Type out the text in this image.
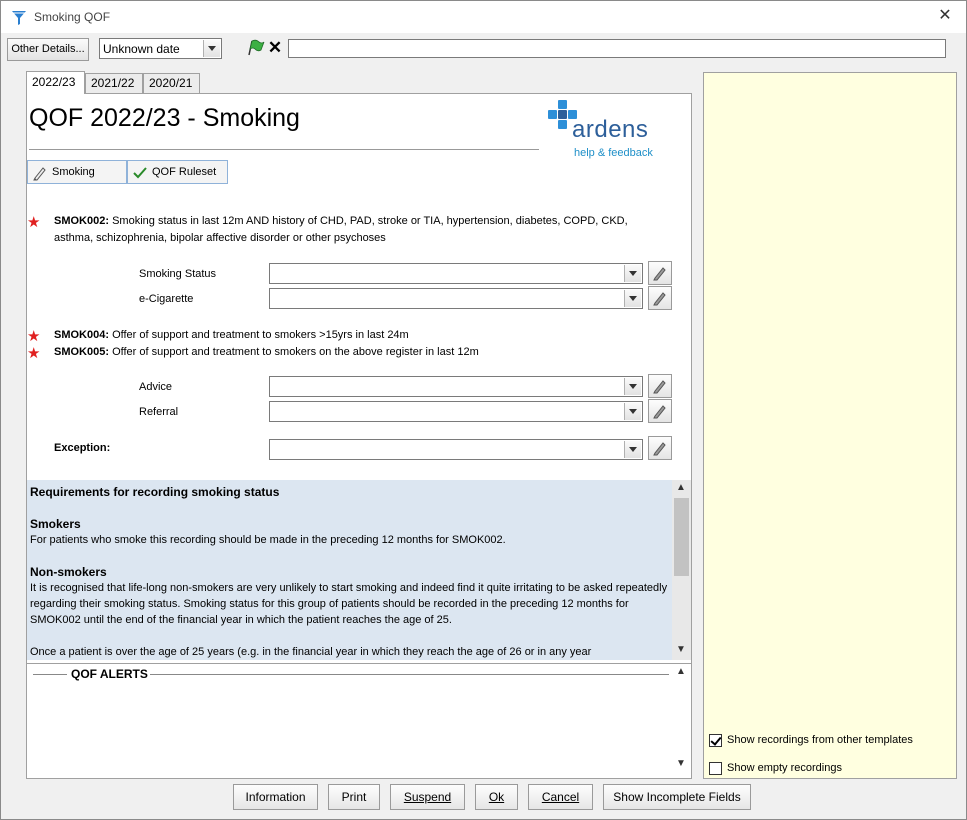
Smoking QOF	✕
Other Details...	Unknown date	✕
2022/23	2021/22	2020/21
QOF 2022/23 - Smoking	ardens
help & feedback
Smoking	QOF Ruleset
★ SMOK002: Smoking status in last 12m AND history of CHD, PAD, stroke or TIA, hypertension, diabetes, COPD, CKD, asthma, schizophrenia, bipolar affective disorder or other psychoses
Smoking Status
e-Cigarette
★ SMOK004: Offer of support and treatment to smokers >15yrs in last 24m
★ SMOK005: Offer of support and treatment to smokers on the above register in last 12m
Advice
Referral
Exception:

Requirements for recording smoking status

Smokers

For patients who smoke this recording should be made in the preceding 12 months for SMOK002.

Non-smokers

It is recognised that life-long non-smokers are very unlikely to start smoking and indeed find it quite irritating to be asked repeatedly regarding their smoking status. Smoking status for this group of patients should be recorded in the preceding 12 months for SMOK002 until the end of the financial year in which the patient reaches the age of 25.

Once a patient is over the age of 25 years (e.g. in the financial year in which they reach the age of 26 or in any year

▲
▼
QOF ALERTS	▲
▼
Show recordings from other templates
Show empty recordings
Information	Print	Suspend	Ok	Cancel	Show Incomplete Fields
